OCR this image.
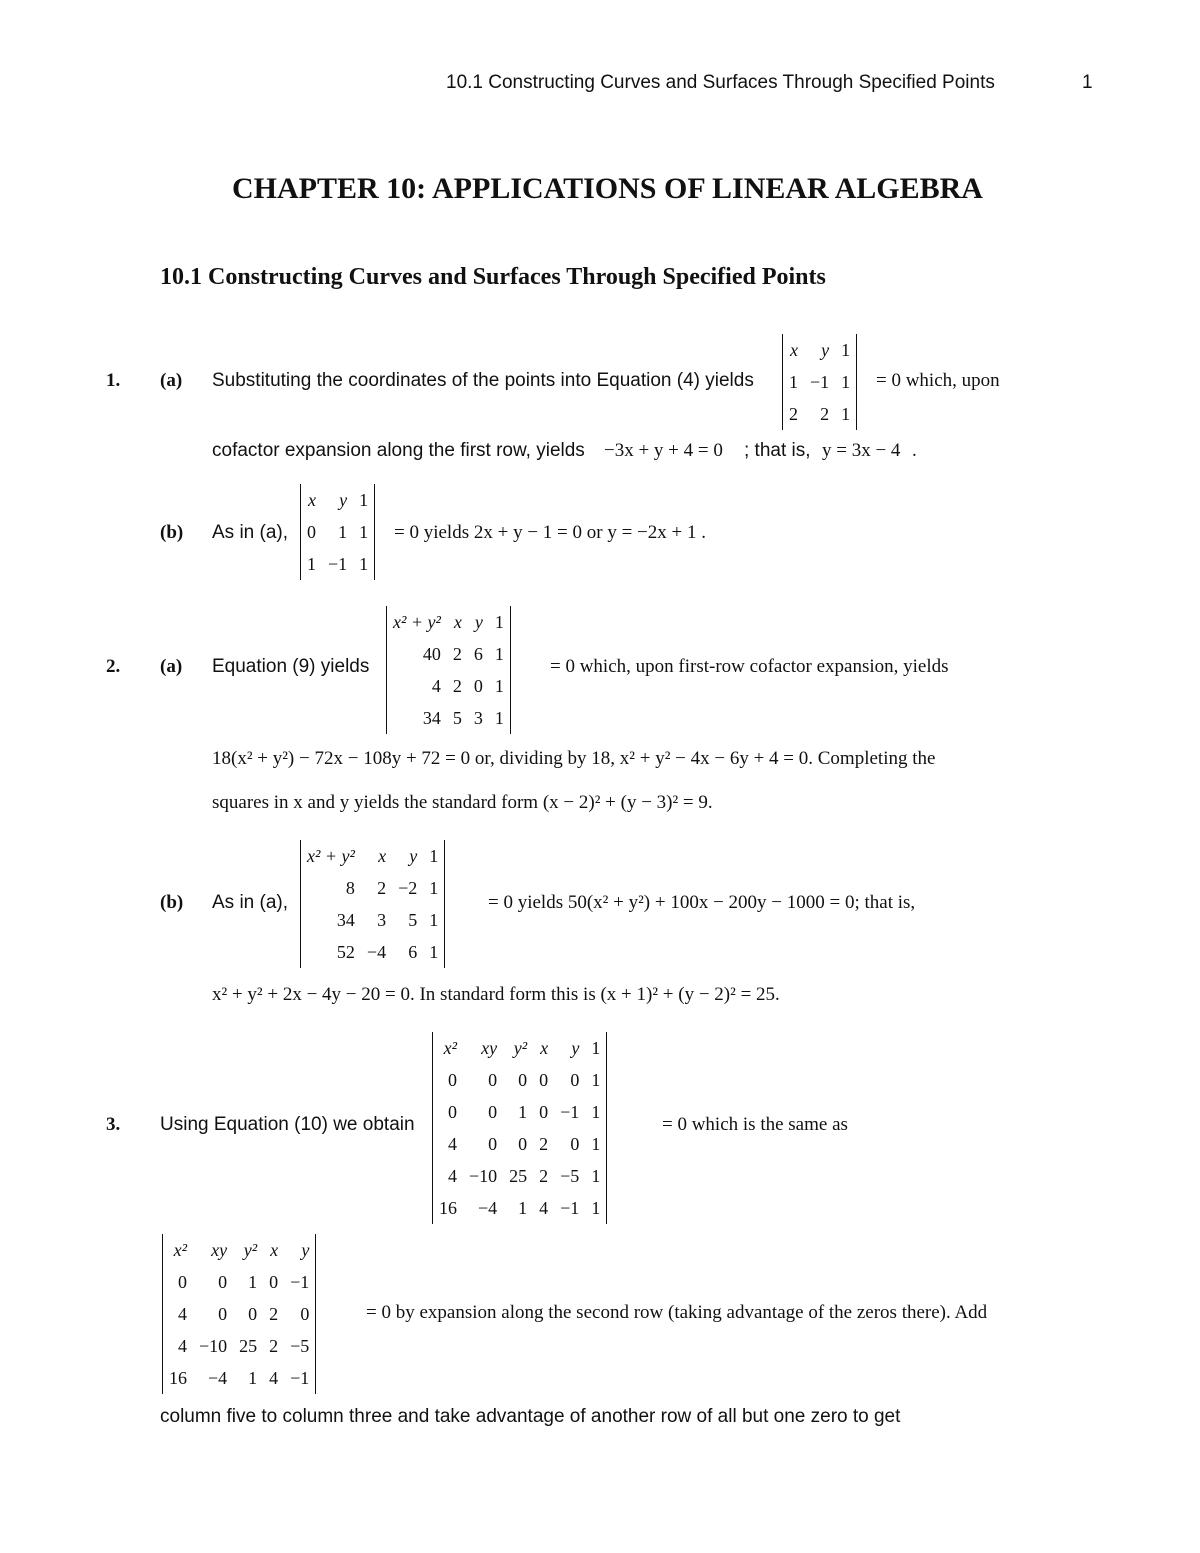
10.1 Constructing Curves and Surfaces Through Specified Points	1
CHAPTER 10: APPLICATIONS OF LINEAR ALGEBRA
10.1 Constructing Curves and Surfaces Through Specified Points
1. (a) Substituting the coordinates of the points into Equation (4) yields
x	y	1
1	−1	1
2	2	1
= 0 which, upon
cofactor expansion along the first row, yields −3x + y + 4 = 0 ; that is, y = 3x − 4 .
(b) As in (a),
x	y	1
0	1	1
1	−1	1
= 0 yields 2x + y − 1 = 0 or y = −2x + 1 .
2. (a) Equation (9) yields
x² + y²	x	y	1
40	2	6	1
4	2	0	1
34	5	3	1
= 0 which, upon first-row cofactor expansion, yields
18(x² + y²) − 72x − 108y + 72 = 0 or, dividing by 18, x² + y² − 4x − 6y + 4 = 0. Completing the
squares in x and y yields the standard form (x − 2)² + (y − 3)² = 9.
(b) As in (a),
x² + y²	x	y	1
8	2	−2	1
34	3	5	1
52	−4	6	1
= 0 yields 50(x² + y²) + 100x − 200y − 1000 = 0; that is,
x² + y² + 2x − 4y − 20 = 0. In standard form this is (x + 1)² + (y − 2)² = 25.
3. Using Equation (10) we obtain
x²	xy	y²	x	y	1
0	0	0	0	0	1
0	0	1	0	−1	1
4	0	0	2	0	1
4	−10	25	2	−5	1
16	−4	1	4	−1	1
= 0 which is the same as
x²	xy	y²	x	y
0	0	1	0	−1
4	0	0	2	0
4	−10	25	2	−5
16	−4	1	4	−1
= 0 by expansion along the second row (taking advantage of the zeros there). Add
column five to column three and take advantage of another row of all but one zero to get
